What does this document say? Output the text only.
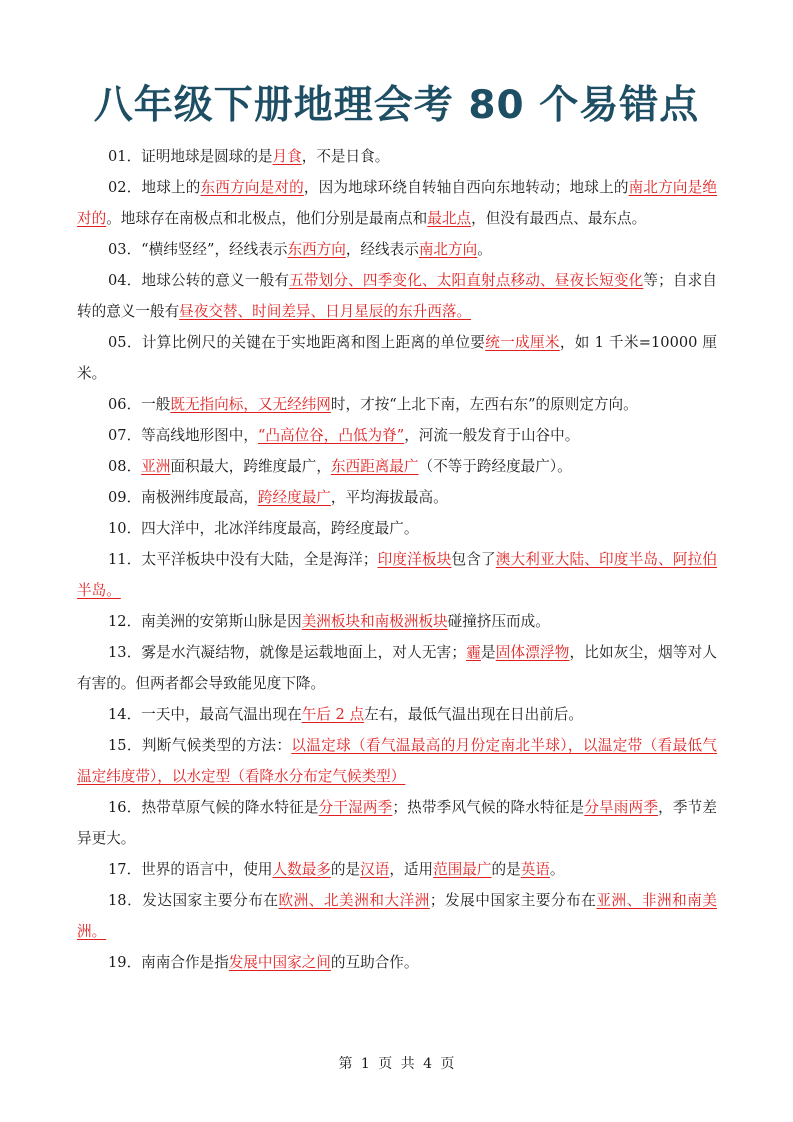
八年级下册地理会考 80 个易错点

01．证明地球是圆球的是月食，不是日食。

02．地球上的东西方向是对的，因为地球环绕自转轴自西向东地转动；地球上的南北方向是绝对的。地球存在南极点和北极点，他们分别是最南点和最北点，但没有最西点、最东点。

03．“横纬竖经”，经线表示东西方向，经线表示南北方向。

04．地球公转的意义一般有五带划分、四季变化、太阳直射点移动、昼夜长短变化等；自求自转的意义一般有昼夜交替、时间差异、日月星辰的东升西落。

05．计算比例尺的关键在于实地距离和图上距离的单位要统一成厘米，如 1 千米=10000 厘米。

06．一般既无指向标，又无经纬网时，才按“上北下南，左西右东”的原则定方向。

07．等高线地形图中，“凸高位谷，凸低为脊”，河流一般发育于山谷中。

08．亚洲面积最大，跨维度最广，东西距离最广（不等于跨经度最广）。

09．南极洲纬度最高，跨经度最广，平均海拔最高。

10．四大洋中，北冰洋纬度最高，跨经度最广。

11．太平洋板块中没有大陆，全是海洋；印度洋板块包含了澳大利亚大陆、印度半岛、阿拉伯半岛。

12．南美洲的安第斯山脉是因美洲板块和南极洲板块碰撞挤压而成。

13．雾是水汽凝结物，就像是运载地面上，对人无害；霾是固体漂浮物，比如灰尘，烟等对人有害的。但两者都会导致能见度下降。

14．一天中，最高气温出现在午后 2 点左右，最低气温出现在日出前后。

15．判断气候类型的方法：以温定球（看气温最高的月份定南北半球），以温定带（看最低气温定纬度带），以水定型（看降水分布定气候类型）

16．热带草原气候的降水特征是分干湿两季；热带季风气候的降水特征是分旱雨两季，季节差异更大。

17．世界的语言中，使用人数最多的是汉语，适用范围最广的是英语。

18．发达国家主要分布在欧洲、北美洲和大洋洲；发展中国家主要分布在亚洲、非洲和南美洲。

19．南南合作是指发展中国家之间的互助合作。

第 1 页 共 4 页
